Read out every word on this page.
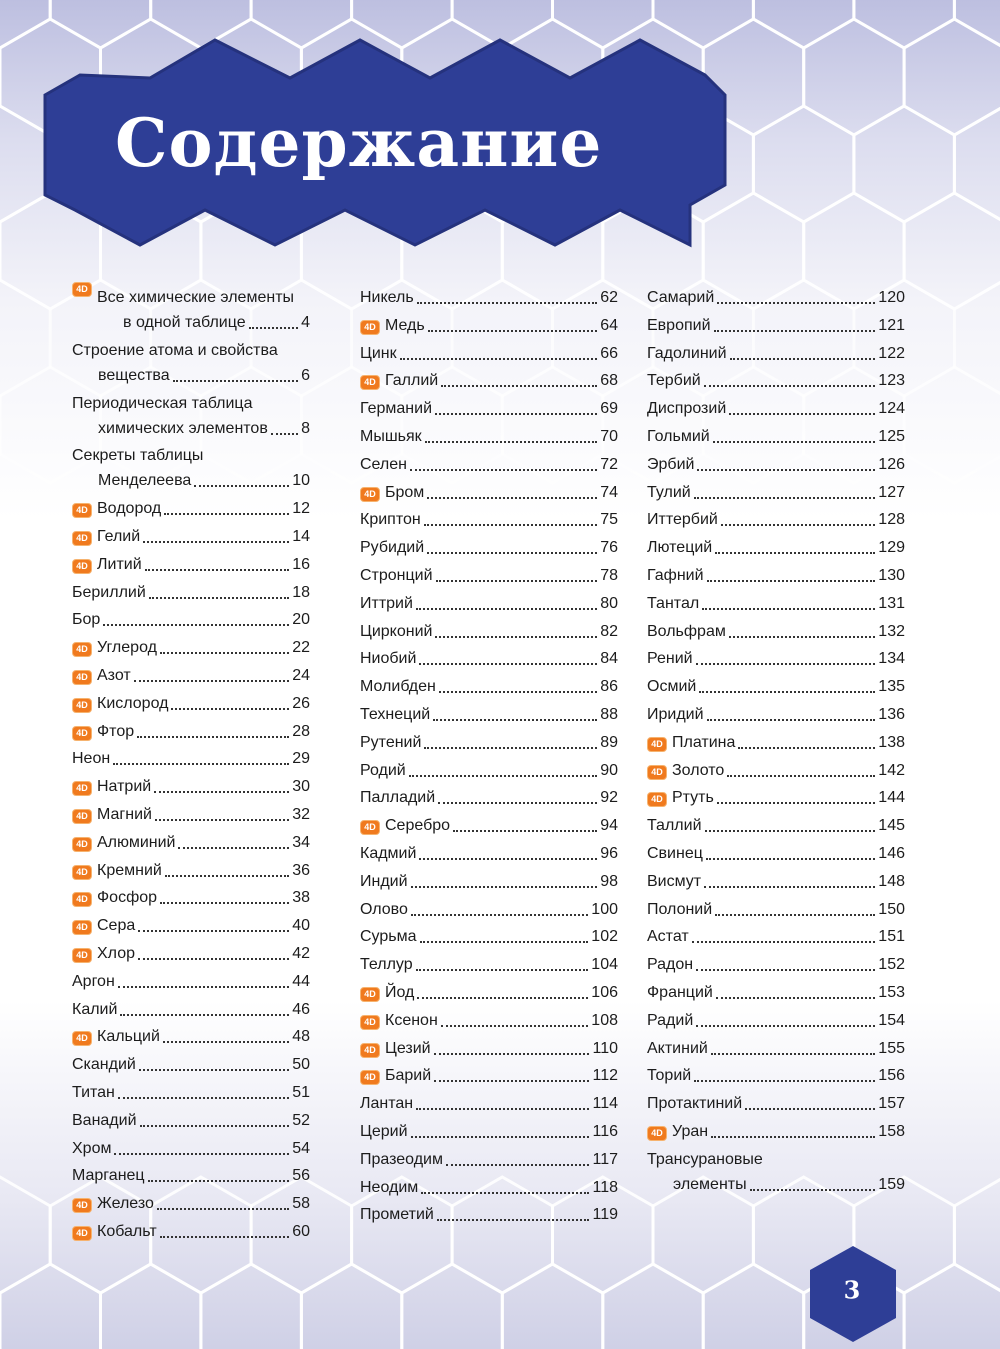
Содержание
4D Все химические элементы
в одной таблице	4
Строение атома и свойства
вещества	6
Периодическая таблица
химических элементов 8
Секреты таблицы
Менделеева	10
4D Водород	12
4D Гелий	14
4D Литий	16
Бериллий	18
Бор	20
4D Углерод	22
4D Азот	24
4D Кислород	26
4D Фтор	28
Неон	29
4D Натрий	30
4D Магний	32
4D Алюминий	34
4D Кремний	36
4D Фосфор	38
4D Сера	40
4D Хлор	42
Аргон	44
Калий	46
4D Кальций	48
Скандий	50
Титан	51
Ванадий	52
Хром	54
Марганец	56
4D Железо	58
4D Кобальт	60
Никель	62
4D Медь	64
Цинк	66
4D Галлий	68
Германий	69
Мышьяк	70
Селен	72
4D Бром	74
Криптон	75
Рубидий	76
Стронций	78
Иттрий	80
Цирконий	82
Ниобий	84
Молибден	86
Технеций	88
Рутений	89
Родий	90
Палладий	92
4D Серебро	94
Кадмий	96
Индий	98
Олово	100
Сурьма	102
Теллур	104
4D Йод	106
4D Ксенон	108
4D Цезий	110
4D Барий	112
Лантан	114
Церий	116
Празеодим	117
Неодим	118
Прометий	119
Самарий	120
Европий	121
Гадолиний	122
Тербий	123
Диспрозий	124
Гольмий	125
Эрбий	126
Тулий	127
Иттербий	128
Лютеций	129
Гафний	130
Тантал	131
Вольфрам	132
Рений	134
Осмий	135
Иридий	136
4D Платина	138
4D Золото	142
4D Ртуть	144
Таллий	145
Свинец	146
Висмут	148
Полоний	150
Астат	151
Радон	152
Франций	153
Радий	154
Актиний	155
Торий	156
Протактиний	157
4D Уран	158
Трансурановые
элементы	159
3
